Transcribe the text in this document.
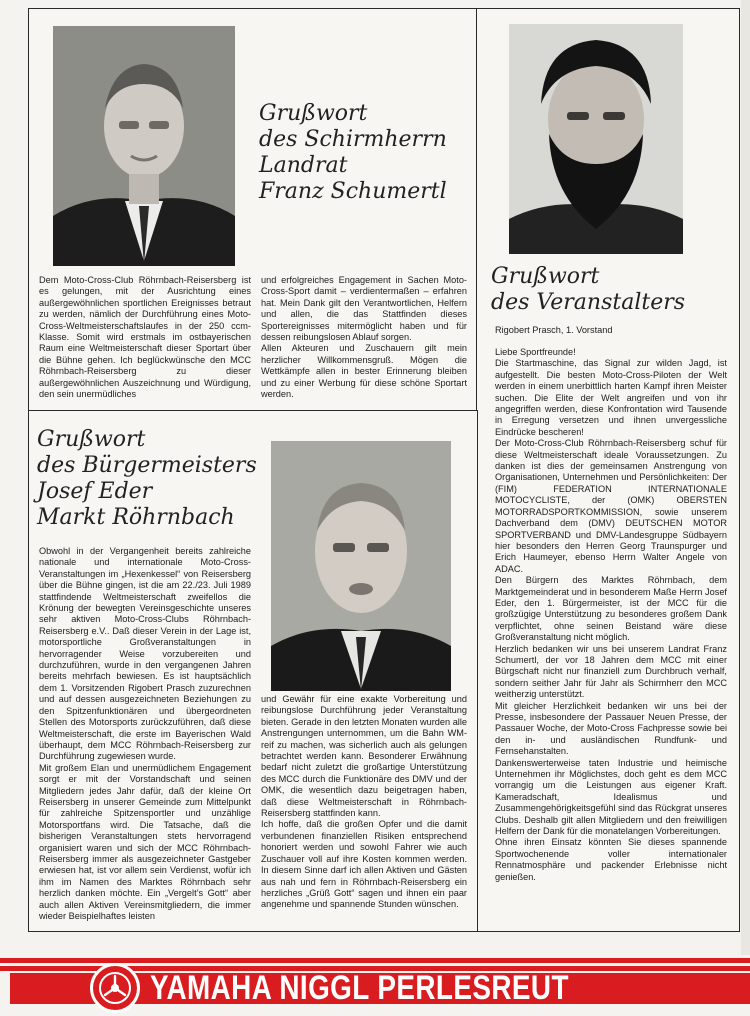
Grußwort
des Schirmherrn
Landrat
Franz Schumertl

Dem Moto-Cross-Club Röhrnbach-Reisersberg ist es gelungen, mit der Ausrichtung eines außergewöhnlichen sportlichen Ereignisses betraut zu werden, nämlich der Durchführung eines Moto-Cross-Weltmeisterschaftslaufes in der 250 ccm-Klasse. Somit wird erstmals im ostbayerischen Raum eine Weltmeisterschaft dieser Sportart über die Bühne gehen. Ich beglückwünsche den MCC Röhrnbach-Reisersberg zu dieser außergewöhnlichen Auszeichnung und Würdigung, den sein unermüdliches

und erfolgreiches Engagement in Sachen Moto-Cross-Sport damit – verdientermaßen – erfahren hat. Mein Dank gilt den Verantwortlichen, Helfern und allen, die das Stattfinden dieses Sportereignisses mitermöglicht haben und für dessen reibungslosen Ablauf sorgen.

Allen Akteuren und Zuschauern gilt mein herzlicher Willkommensgruß. Mögen die Wettkämpfe allen in bester Erinnerung bleiben und zu einer Werbung für diese schöne Sportart werden.

Grußwort
des Veranstalters
Rigobert Prasch, 1. Vorstand

Liebe Sportfreunde!

Die Startmaschine, das Signal zur wilden Jagd, ist aufgestellt. Die besten Moto-Cross-Piloten der Welt werden in einem unerbittlich harten Kampf ihren Meister suchen. Die Elite der Welt angreifen und von ihr angegriffen werden, diese Konfrontation wird Tausende in Erregung versetzen und ihnen unvergessliche Eindrücke bescheren!

Der Moto-Cross-Club Röhrnbach-Reisersberg schuf für diese Weltmeisterschaft ideale Voraussetzungen. Zu danken ist dies der gemeinsamen Anstrengung von Organisationen, Unternehmen und Persönlichkeiten: Der (FIM) FEDERATION INTERNATIONALE MOTOCYCLISTE, der (OMK) OBERSTEN MOTORRADSPORTKOMMISSION, sowie unserem Dachverband dem (DMV) DEUTSCHEN MOTOR SPORTVERBAND und DMV-Landesgruppe Südbayern hier besonders den Herren Georg Traunspurger und Erich Haumeyer, ebenso Herrn Walter Angele von ADAC.

Den Bürgern des Marktes Röhrnbach, dem Marktgemeinderat und in besonderem Maße Herrn Josef Eder, den 1. Bürgermeister, ist der MCC für die großzügige Unterstützung zu besonderes großem Dank verpflichtet, ohne seinen Beistand wäre diese Großveranstaltung nicht möglich.

Herzlich bedanken wir uns bei unserem Landrat Franz Schumertl, der vor 18 Jahren dem MCC mit einer Bürgschaft nicht nur finanziell zum Durchbruch verhalf, sondern seither Jahr für Jahr als Schirmherr den MCC weitherzig unterstützt.

Mit gleicher Herzlichkeit bedanken wir uns bei der Presse, insbesondere der Passauer Neuen Presse, der Passauer Woche, der Moto-Cross Fachpresse sowie bei den in- und ausländischen Rundfunk- und Fernsehanstalten.

Dankenswerterweise taten Industrie und heimische Unternehmen ihr Möglichstes, doch geht es dem MCC vorrangig um die Leistungen aus eigener Kraft. Kameradschaft, Idealismus und Zusammengehörigkeitsgefühl sind das Rückgrat unseres Clubs. Deshalb gilt allen Mitgliedern und den freiwilligen Helfern der Dank für die monatelangen Vorbereitungen.

Ohne ihren Einsatz könnten Sie dieses spannende Sportwochenende voller internationaler Rennatmosphäre und packender Erlebnisse nicht genießen.

Grußwort
des Bürgermeisters
Josef Eder
Markt Röhrnbach

Obwohl in der Vergangenheit bereits zahlreiche nationale und internationale Moto-Cross-Veranstaltungen im „Hexenkessel“ von Reisersberg über die Bühne gingen, ist die am 22./23. Juli 1989 stattfindende Weltmeisterschaft zweifellos die Krönung der bewegten Vereinsgeschichte unseres sehr aktiven Moto-Cross-Clubs Röhrnbach-Reisersberg e.V.. Daß dieser Verein in der Lage ist, motorsportliche Großveranstaltungen in hervorragender Weise vorzubereiten und durchzuführen, wurde in den vergangenen Jahren bereits mehrfach bewiesen. Es ist hauptsächlich dem 1. Vorsitzenden Rigobert Prasch zuzurechnen und auf dessen ausgezeichneten Beziehungen zu den Spitzenfunktionären und übergeordneten Stellen des Motorsports zurückzuführen, daß diese Weltmeisterschaft, die erste im Bayerischen Wald überhaupt, dem MCC Röhrnbach-Reisersberg zur Durchführung zugewiesen wurde.

Mit großem Elan und unermüdlichem Engagement sorgt er mit der Vorstandschaft und seinen Mitgliedern jedes Jahr dafür, daß der kleine Ort Reisersberg in unserer Gemeinde zum Mittelpunkt für zahlreiche Spitzensportler und unzählige Motorsportfans wird. Die Tatsache, daß die bisherigen Veranstaltungen stets hervorragend organisiert waren und sich der MCC Röhrnbach-Reisersberg immer als ausgezeichneter Gastgeber erwiesen hat, ist vor allem sein Verdienst, wofür ich ihm im Namen des Marktes Röhrnbach sehr herzlich danken möchte. Ein „Vergelt’s Gott“ aber auch allen Aktiven Vereinsmitgliedern, die immer wieder Beispielhaftes leisten

und Gewähr für eine exakte Vorbereitung und reibungslose Durchführung jeder Veranstaltung bieten. Gerade in den letzten Monaten wurden alle Anstrengungen unternommen, um die Bahn WM-reif zu machen, was sicherlich auch als gelungen betrachtet werden kann. Besonderer Erwähnung bedarf nicht zuletzt die großartige Unterstützung des MCC durch die Funktionäre des DMV und der OMK, die wesentlich dazu beigetragen haben, daß diese Weltmeisterschaft in Röhrnbach-Reisersberg stattfinden kann.

Ich hoffe, daß die großen Opfer und die damit verbundenen finanziellen Risiken entsprechend honoriert werden und sowohl Fahrer wie auch Zuschauer voll auf ihre Kosten kommen werden. In diesem Sinne darf ich allen Aktiven und Gästen aus nah und fern in Röhrnbach-Reisersberg ein herzliches „Grüß Gott“ sagen und ihnen ein paar angenehme und spannende Stunden wünschen.

YAMAHA NIGGL PERLESREUT
